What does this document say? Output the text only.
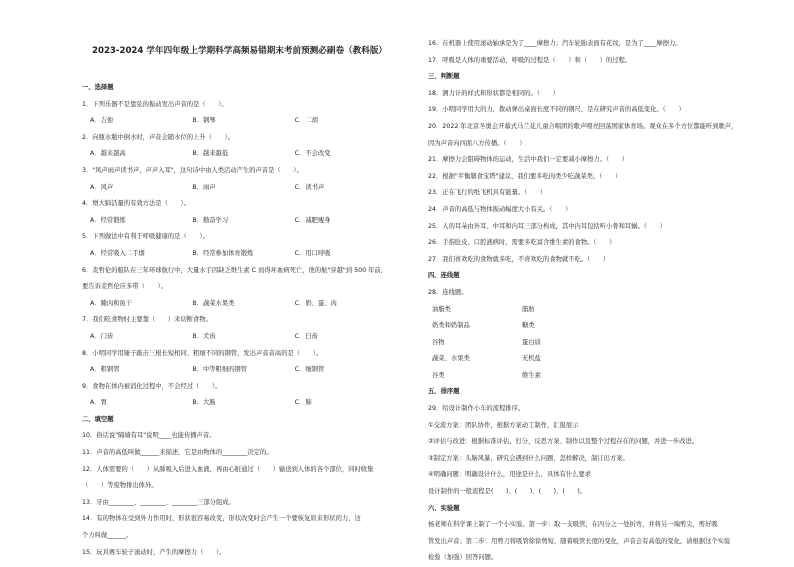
2023-2024 学年四年级上学期科学高频易错期末考前预测必刷卷（教科版）
一、选择题
1．下列乐器不是靠弦的振动发出声音的是（　　）。
A．吉他	B．钢琴	C．二胡
2．向瓶水瓶中倒水时，声音会随水位的上升（　　）。
A．越来越高	B．越来越低	C．不会改变
3．"风声雨声读书声，声声入耳"，这句诗中由人类活动产生的声音是（　　）。
A．风声	B．雨声	C．读书声
4．增大肺活量的有效方法是（　　）。
A．经常锻炼	B．勤奋学习	C．减肥瘦身
5．下列做法中有利于呼吸健康的是（　　）。
A．经常吸入二手烟	B．经常参加体育锻炼	C．用口呼吸
6．麦哲伦的船队在三年环球航行中，大量水手因缺乏维生素 C 而得坏血病死亡，他的航"穿越"到 500 年前，
要告诉麦哲伦应多带（　　）。
A．腌肉和鱼干	B．蔬菜水果类	C．奶、蛋、肉
7．我们吃食物时主要靠（　　）来切断食物。
A．门齿	B．犬齿	C．臼齿
8．小明同学用锤子敲击三根长短相同、粗细不同的钢管，发出声音音高的是（　　）。
A．粗钢管	B．中等粗细的钢管	C．细钢管
9．食物在体内被消化过程中，不会经过（　　）。
A．胃	B．大肠	C．肺
二、填空题
10．俗话说"隔墙有耳"说明____也能传播声音。
11．声音的高低叫做______来描述，它是由物体的________决定的。
12．人体需要的（　　）从肺吸入后进入血液，再由心脏通过（　　）输送到人体的各个部位，同时收集
（　　）等废物排出体外。
13．牙由________、________、________三部分组成。
14．有的物体在受到外力作用时，形状很容易改变，形状改变时会产生一个要恢复原来形状的力，这
个力叫做______。
15．玩具赛车轮子滚动时，产生的摩擦力（　　）。
16．在机器上使用滚动轴承是为了____摩擦力；汽车轮胎表面有花纹，是为了____摩擦力。
17．呼吸是人体的重要活动，呼吸的过程是（　　）和（　　）的过程。
三、判断题
18．测力计的样式和形状都是相同的。（　　）
19．小明同学用大的力，拨动弹出桌面长度不同的钢尺，是在研究声音的高低变化。（　　）
20．2022 年北京冬奥会开幕式马兰花儿童合唱团的歌声嘹亮回荡国家体育场。观众在多个方位都能听到歌声，
因为声音向四面八方传播。（　　）
21．摩擦力会阻碍物体的运动，生活中我们一定要减小摩擦力。（　　）
22．根据"平衡膳食宝塔"建议，我们要多吃肉类少吃蔬菜类。（　　）
23．正在飞行的纸飞机具有能量。（　　）
24．声音的高低与物体振动幅度大小有关。（　　）
25．人的耳朵由外耳、中耳和内耳三部分构成，其中内耳包括听小骨和耳蜗。（　　）
26．手指肚皮、口腔液病时，需要多吃富含维生素的食物。（　　）
27．我们喜欢吃的食物就多吃，不喜欢吃的食物就不吃。（　　）
四、连线题
28．连线题。
油脂类	脂肪
奶类和奶制品	糖类
谷物	蛋白质
蔬菜、水果类	无机盐
谷类	维生素
五、排序题
29．给设计制作小车的流程排序。
①交流方案：团队协作，根据方案动工制作，汇报展示
②评估与改进：根据标准评估、打分，反思方案、制作以及整个过程存在的问题，并进一步改进。
③制定方案：头脑风暴，研究会遇到什么问题，怎样解决，制订出方案。
④明确问题：明确设计什么，用途是什么，具体有什么要求
设计制作的一般流程是(　　)、(　　)、(　　)、(　　)。
六、实验题
杨老师在科学课上制了一个小实验。第一步：取一支吸管，在四分之一处折弯，并将另一端剪尖，剪好吸
管发出声音；第二步：用剪刀将吸管徐徐剪短，随着吸管长度的变化，声音会有高低的变化。请根据这个实验
检验（加强）回答问题。
